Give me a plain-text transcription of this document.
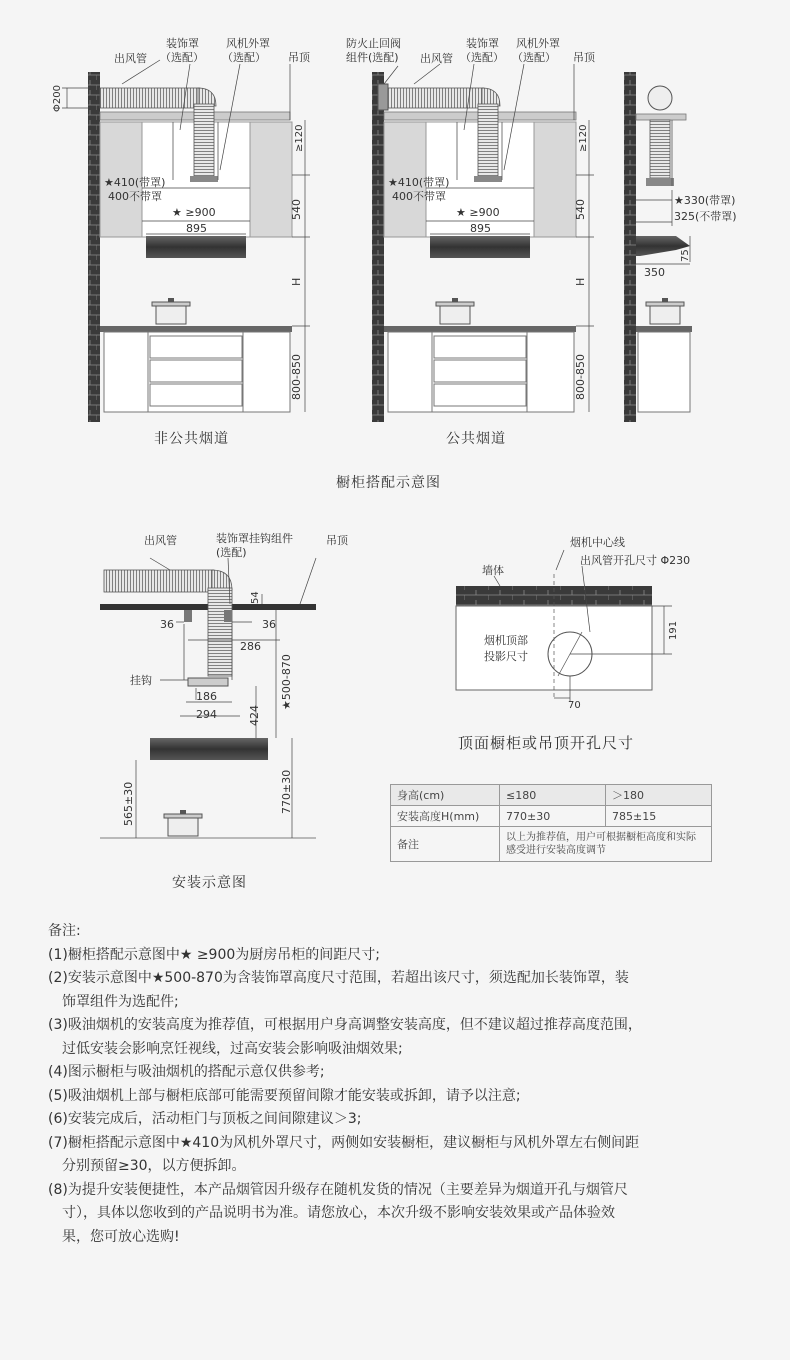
出风管
装饰罩
（选配）
风机外罩
（选配） 吊顶
Φ200
≥120
★410(带罩)
400不带罩
★ ≥900
895
540
H
800-850
防火止回阀
组件(选配) 出风管
装饰罩
（选配）
风机外罩
（选配） 吊顶
≥120
★410(带罩)
400不带罩
★ ≥900
895
540
H
800-850
★330(带罩)
325(不带罩)
75
350
非公共烟道	公共烟道
橱柜搭配示意图
出风管	装饰罩挂钩组件
(选配)
吊顶
54
36	36
286
★500-870
挂钩
186
294	424
565±30	770±30
安装示意图
烟机中心线
出风管开孔尺寸 Φ230
墙体
烟机顶部
投影尺寸
191
70
顶面橱柜或吊顶开孔尺寸
身高(cm)	≤180	＞180
安装高度H(mm)	770±30	785±15
备注	以上为推荐值，用户可根据橱柜高度和实际感受进行安装高度调节	

备注:

(1)橱柜搭配示意图中★ ≥900为厨房吊柜的间距尺寸;

(2)安装示意图中★500-870为含装饰罩高度尺寸范围，若超出该尺寸，须选配加长装饰罩，装

饰罩组件为选配件;

(3)吸油烟机的安装高度为推荐值，可根据用户身高调整安装高度，但不建议超过推荐高度范围，

过低安装会影响烹饪视线，过高安装会影响吸油烟效果;

(4)图示橱柜与吸油烟机的搭配示意仅供参考;

(5)吸油烟机上部与橱柜底部可能需要预留间隙才能安装或拆卸，请予以注意;

(6)安装完成后，活动柜门与顶板之间间隙建议＞3;

(7)橱柜搭配示意图中★410为风机外罩尺寸，两侧如安装橱柜，建议橱柜与风机外罩左右侧间距

分别预留≥30，以方便拆卸。

(8)为提升安装便捷性，本产品烟管因升级存在随机发货的情况（主要差异为烟道开孔与烟管尺

寸），具体以您收到的产品说明书为准。请您放心，本次升级不影响安装效果或产品体验效

果，您可放心选购!
